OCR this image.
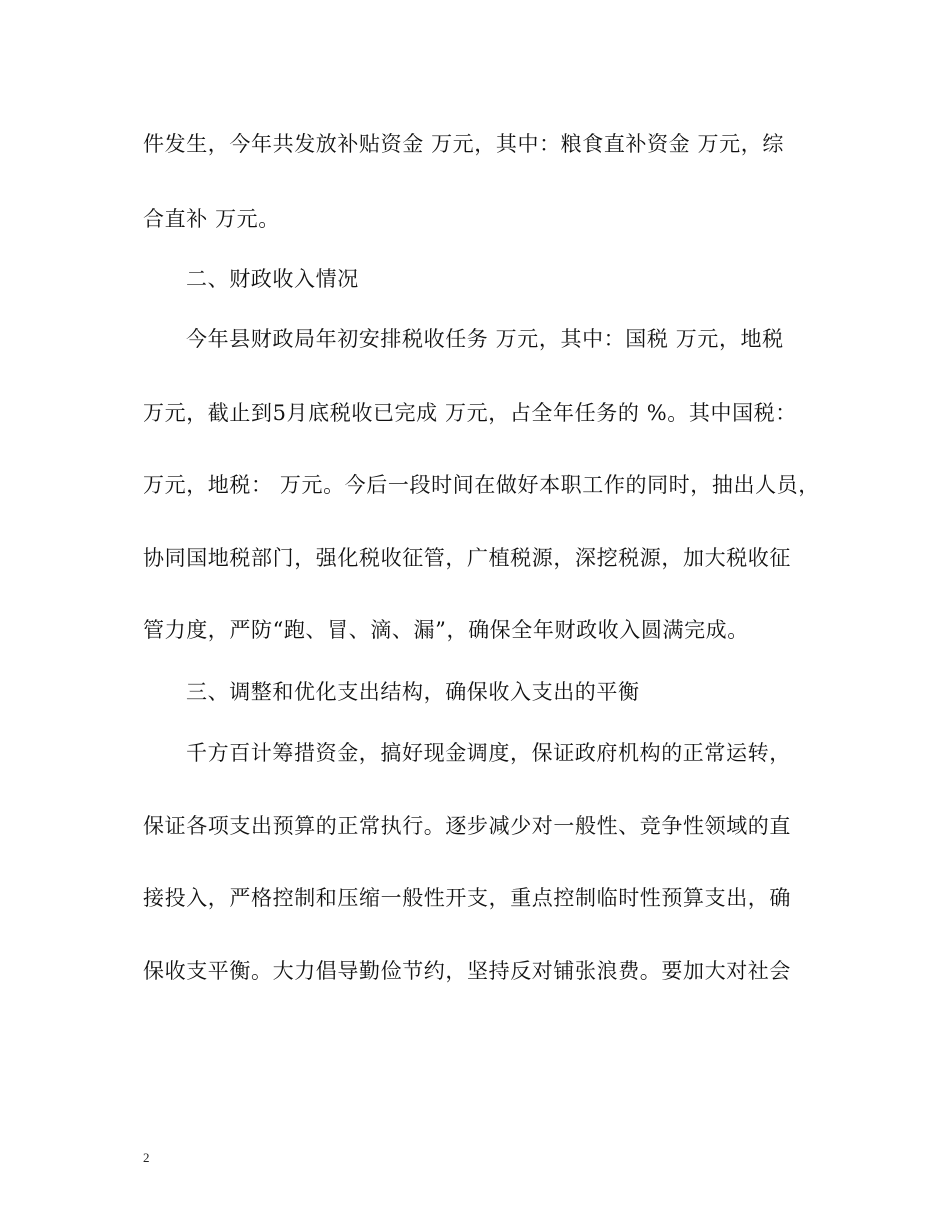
件发生，今年共发放补贴资金 万元，其中：粮食直补资金 万元，综
合直补 万元。
二、财政收入情况
今年县财政局年初安排税收任务 万元，其中：国税 万元，地税
万元，截止到5月底税收已完成 万元，占全年任务的 %。其中国税：
万元，地税： 万元。今后一段时间在做好本职工作的同时，抽出人员，
协同国地税部门，强化税收征管，广植税源，深挖税源，加大税收征
管力度，严防“跑、冒、滴、漏”，确保全年财政收入圆满完成。
三、调整和优化支出结构，确保收入支出的平衡
千方百计筹措资金，搞好现金调度，保证政府机构的正常运转，
保证各项支出预算的正常执行。逐步减少对一般性、竞争性领域的直
接投入，严格控制和压缩一般性开支，重点控制临时性预算支出，确
保收支平衡。大力倡导勤俭节约，坚持反对铺张浪费。要加大对社会
2
